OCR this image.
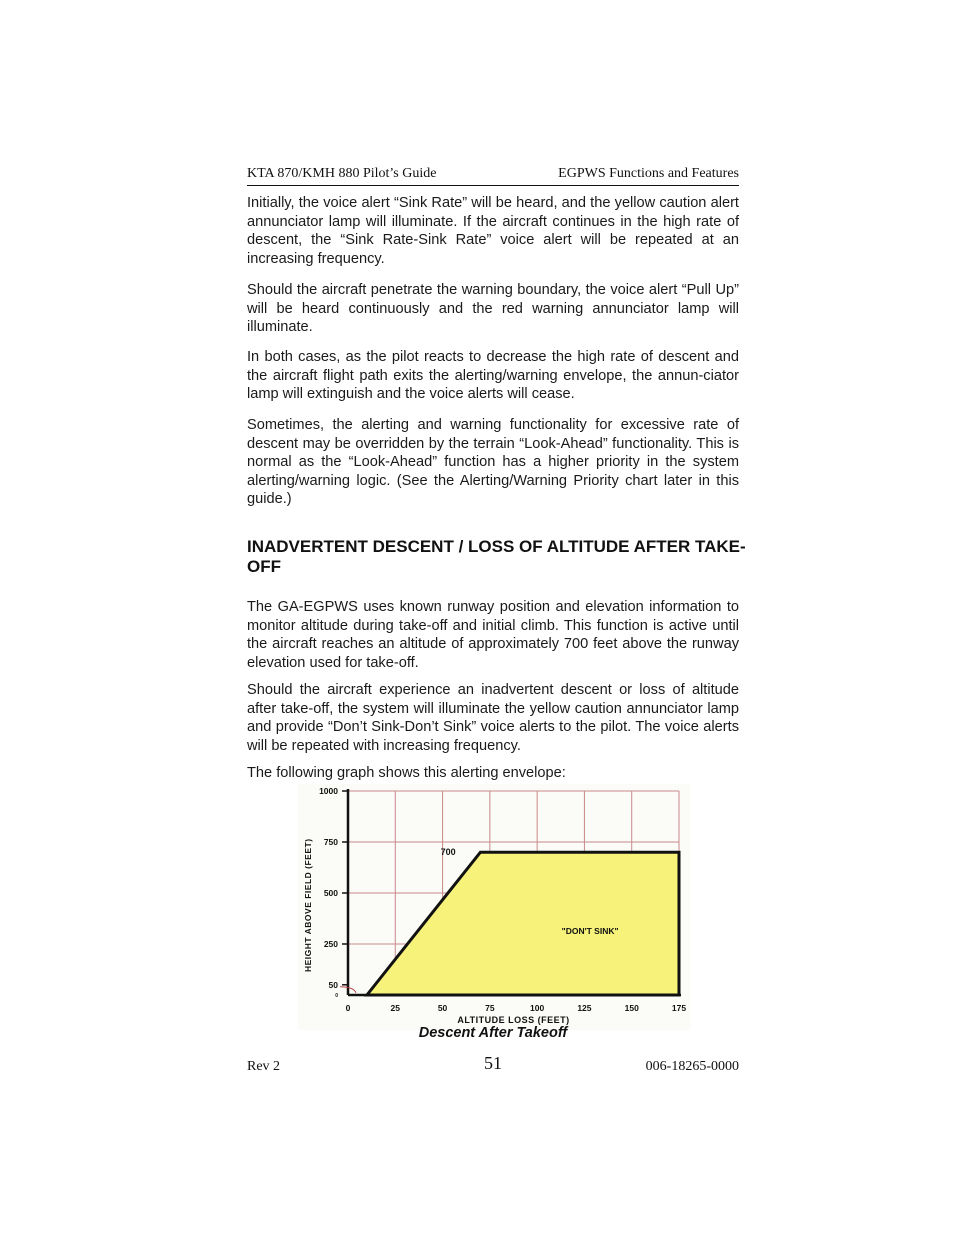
KTA 870/KMH 880 Pilot’s Guide	EGPWS Functions and Features

Initially, the voice alert “Sink Rate” will be heard, and the yellow caution alert annunciator lamp will illuminate. If the aircraft continues in the high rate of descent, the “Sink Rate-Sink Rate” voice alert will be repeated at an increasing frequency.

Should the aircraft penetrate the warning boundary, the voice alert “Pull Up” will be heard continuously and the red warning annunciator lamp will illuminate.

In both cases, as the pilot reacts to decrease the high rate of descent and the aircraft flight path exits the alerting/warning envelope, the annun-ciator lamp will extinguish and the voice alerts will cease.

Sometimes, the alerting and warning functionality for excessive rate of descent may be overridden by the terrain “Look-Ahead” functionality. This is normal as the “Look-Ahead” function has a higher priority in the system alerting/warning logic. (See the Alerting/Warning Priority chart later in this guide.)

INADVERTENT DESCENT / LOSS OF ALTITUDE AFTER TAKE-OFF

The GA-EGPWS uses known runway position and elevation information to monitor altitude during take-off and initial climb. This function is active until the aircraft reaches an altitude of approximately 700 feet above the runway elevation used for take-off.

Should the aircraft experience an inadvertent descent or loss of altitude after take-off, the system will illuminate the yellow caution annunciator lamp and provide “Don’t Sink-Don’t Sink” voice alerts to the pilot. The voice alerts will be repeated with increasing frequency.

The following graph shows this alerting envelope:

0	25	50	75	100	125	150	175
0
50
250
500
750
1000
"DON'T SINK"
700
ALTITUDE LOSS (FEET)
HEIGHT ABOVE FIELD (FEET)
Descent After Takeoff
Rev 2	51	006-18265-0000
